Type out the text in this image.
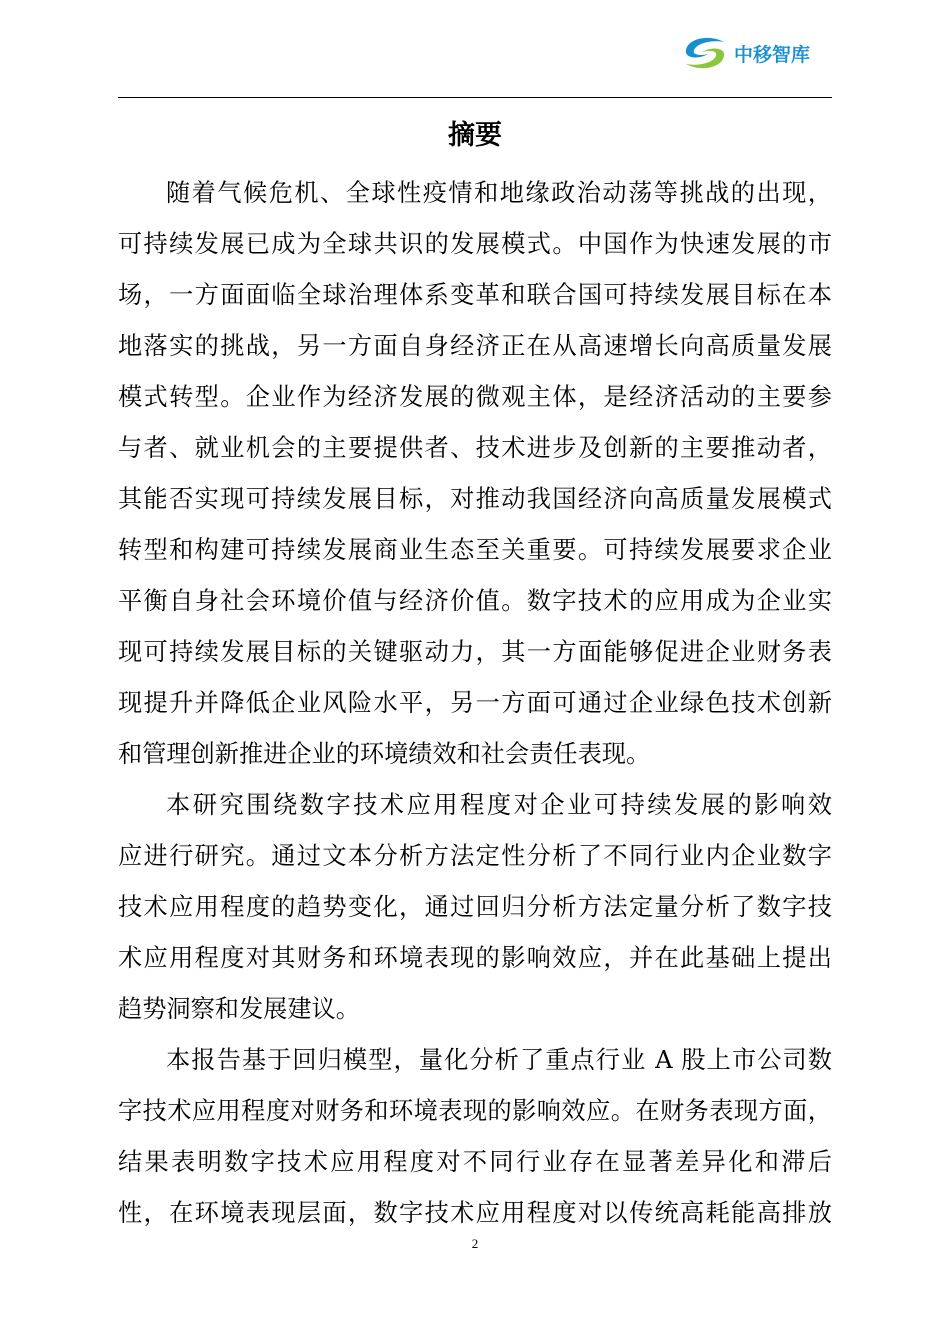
中移智库
摘要
随着气候危机、全球性疫情和地缘政治动荡等挑战的出现，
可持续发展已成为全球共识的发展模式。中国作为快速发展的市
场，一方面面临全球治理体系变革和联合国可持续发展目标在本
地落实的挑战，另一方面自身经济正在从高速增长向高质量发展
模式转型。企业作为经济发展的微观主体，是经济活动的主要参
与者、就业机会的主要提供者、技术进步及创新的主要推动者，
其能否实现可持续发展目标，对推动我国经济向高质量发展模式
转型和构建可持续发展商业生态至关重要。可持续发展要求企业
平衡自身社会环境价值与经济价值。数字技术的应用成为企业实
现可持续发展目标的关键驱动力，其一方面能够促进企业财务表
现提升并降低企业风险水平，另一方面可通过企业绿色技术创新
和管理创新推进企业的环境绩效和社会责任表现。
本研究围绕数字技术应用程度对企业可持续发展的影响效
应进行研究。通过文本分析方法定性分析了不同行业内企业数字
技术应用程度的趋势变化，通过回归分析方法定量分析了数字技
术应用程度对其财务和环境表现的影响效应，并在此基础上提出
趋势洞察和发展建议。
本报告基于回归模型，量化分析了重点行业 A 股上市公司数
字技术应用程度对财务和环境表现的影响效应。在财务表现方面，
结果表明数字技术应用程度对不同行业存在显著差异化和滞后
性，在环境表现层面，数字技术应用程度对以传统高耗能高排放
2
